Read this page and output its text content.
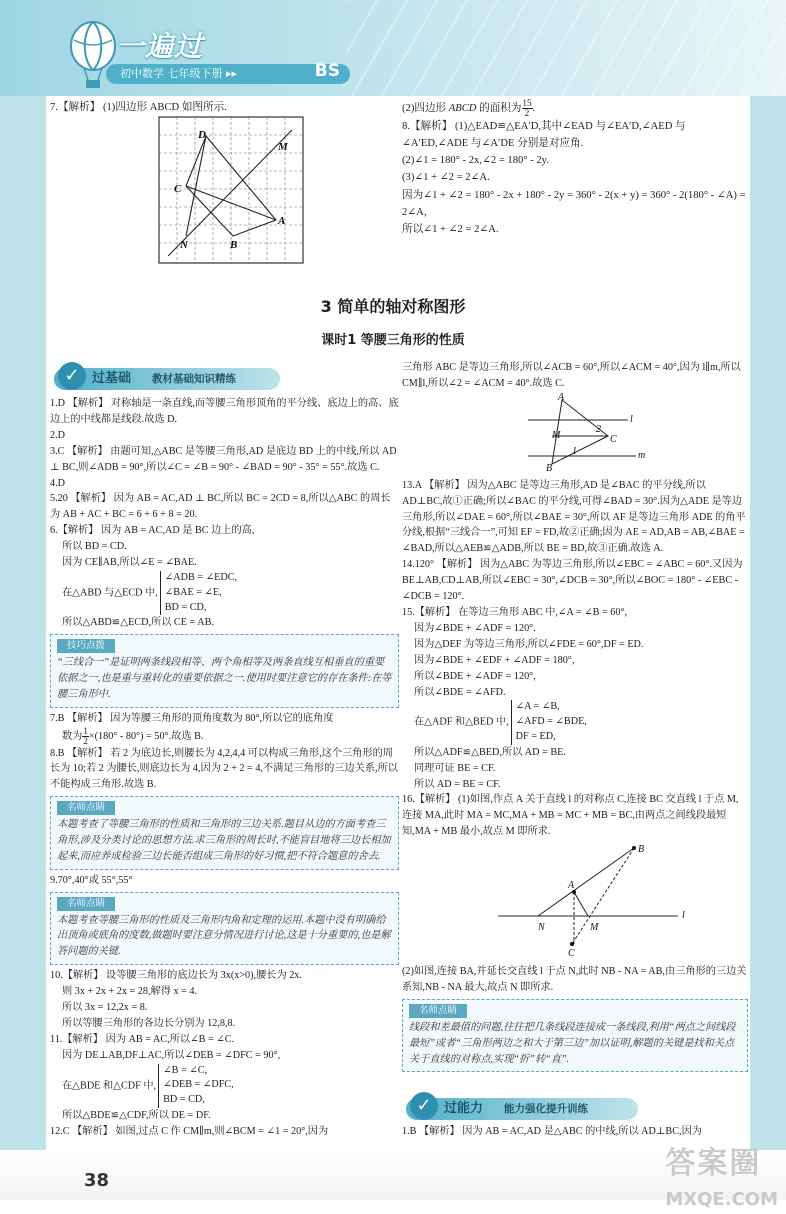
一遍过
初中数学 七年级下册 ▸▸	BS

7.【解析】 (1)四边形 ABCD 如图所示.

D
M
C
A
N	B

(2)四边形 ABCD 的面积为 $\frac{15}{2}$ .

8.【解析】 (1)△EAD≌△EA′D,其中∠EAD 与∠EA′D,∠AED 与∠A′ED,∠ADE 与∠A′DE 分别是对应角.

(2)∠1 = 180° - 2x,∠2 = 180° - 2y.

(3)∠1 + ∠2 = 2∠A.

因为∠1 + ∠2 = 180° - 2x + 180° - 2y = 360° - 2(x + y) = 360° - 2(180° - ∠A) = 2∠A,

所以∠1 + ∠2 = 2∠A.

3 简单的轴对称图形
课时1 等腰三角形的性质
✓ 过基础 教材基础知识精练

1.D 【解析】 对称轴是一条直线,而等腰三角形顶角的平分线、底边上的高、底边上的中线都是线段.故选 D.

2.D

3.C 【解析】 由题可知,△ABC 是等腰三角形,AD 是底边 BD 上的中线,所以 AD ⊥ BC,则∠ADB = 90°,所以∠C = ∠B = 90° - ∠BAD = 90° - 35° = 55°.故选 C.

4.D

5.20 【解析】 因为 AB = AC,AD ⊥ BC,所以 BC = 2CD = 8,所以△ABC 的周长为 AB + AC + BC = 6 + 6 + 8 = 20.

6.【解析】 因为 AB = AC,AD 是 BC 边上的高,

所以 BD = CD.

因为 CE∥AB,所以∠E = ∠BAE.

在△ABD 与△ECD 中,∠ADB = ∠EDC,
∠BAE = ∠E,
BD = CD,

所以△ABD≌△ECD,所以 CE = AB.

技巧点拨
“三线合一”是证明两条线段相等、两个角相等及两条直线互相垂直的重要依据之一,也是重与重转化的重要依据之一.使用时要注意它的存在条件:在等腰三角形中.

7.B 【解析】 因为等腰三角形的顶角度数为 80°,所以它的底角度

数为 $\frac{1}{2} \times(180^\circ - 80^\circ) = 50^\circ$.故选 B.

8.B 【解析】 若 2 为底边长,则腰长为 4,2,4,4 可以构成三角形,这个三角形的周长为 10;若 2 为腰长,则底边长为 4,因为 2 + 2 = 4,不满足三角形的三边关系,所以不能构成三角形.故选 B.

名师点睛
本题考查了等腰三角形的性质和三角形的三边关系.题目从边的方面考查三角形,涉及分类讨论的思想方法.求三角形的周长时,不能盲目地将三边长相加起来,而应养成检验三边长能否组成三角形的好习惯,把不符合题意的舍去.

9.70°,40°或 55°,55°

名师点睛
本题考查等腰三角形的性质及三角形内角和定理的运用.本题中没有明确给出顶角或底角的度数,做题时要注意分情况进行讨论,这是十分重要的,也是解答问题的关键.

10.【解析】 设等腰三角形的底边长为 3x(x>0),腰长为 2x.

则 3x + 2x + 2x = 28,解得 x = 4.

所以 3x = 12,2x = 8.

所以等腰三角形的各边长分别为 12,8,8.

11.【解析】 因为 AB = AC,所以∠B = ∠C.

因为 DE⊥AB,DF⊥AC,所以∠DEB = ∠DFC = 90°,

在△BDE 和△CDF 中,∠B = ∠C,
∠DEB = ∠DFC,
BD = CD,

所以△BDE≌△CDF,所以 DE = DF.

12.C 【解析】 如图,过点 C 作 CM∥m,则∠BCM = ∠1 = 20°,因为

三角形 ABC 是等边三角形,所以∠ACB = 60°,所以∠ACM = 40°,因为 l∥m,所以 CM∥l,所以∠2 = ∠ACM = 40°.故选 C.

A
M
B
C
l
m
1
2

13.A 【解析】 因为△ABC 是等边三角形,AD 是∠BAC 的平分线,所以 AD⊥BC,故①正确;所以∠BAC 的平分线,可得∠BAD = 30°.因为△ADE 是等边三角形,所以∠DAE = 60°,所以∠BAE = 30°,所以 AF 是等边三角形 ADE 的角平分线,根据“三线合一”,可知 EF = FD,故②正确;因为 AE = AD,AB = AB,∠BAE = ∠BAD,所以△AEB≌△ADB,所以 BE = BD,故③正确.故选 A.

14.120° 【解析】 因为△ABC 为等边三角形,所以∠EBC = ∠ABC = 60°.又因为 BE⊥AB,CD⊥AB,所以∠EBC = 30°,∠DCB = 30°,所以∠BOC = 180° - ∠EBC - ∠DCB = 120°.

15.【解析】 在等边三角形 ABC 中,∠A = ∠B = 60°,

因为∠BDE + ∠ADF = 120°.

因为△DEF 为等边三角形,所以∠FDE = 60°,DF = ED.

因为∠BDE + ∠EDF + ∠ADF = 180°,

所以∠BDE + ∠ADF = 120°,

所以∠BDE = ∠AFD.

在△ADF 和△BED 中,∠A = ∠B,
∠AFD = ∠BDE,
DF = ED,

所以△ADF≌△BED,所以 AD = BE.

同理可证 BE = CF.

所以 AD = BE = CF.

16.【解析】 (1)如图,作点 A 关于直线 l 的对称点 C,连接 BC 交直线 l 于点 M,连接 MA,此时 MA = MC,MA + MB = MC + MB = BC,由两点之间线段最短知,MA + MB 最小,故点 M 即所求.

B
A
N	M
C
l

(2)如图,连接 BA,并延长交直线 l 于点 N,此时 NB - NA = AB,由三角形的三边关系知,NB - NA 最大,故点 N 即所求.

名师点睛
线段和差最值的问题,往往把几条线段连接成一条线段,利用“两点之间线段最短”或者“三角形两边之和大于第三边”加以证明,解题的关键是找和关点关于直线的对称点,实现“折”转“直”.
✓ 过能力 能力强化提升训练

1.B 【解析】 因为 AB = AC,AD 是△ABC 的中线,所以 AD⊥BC,因为

38	答案圈
MXQE.COM
